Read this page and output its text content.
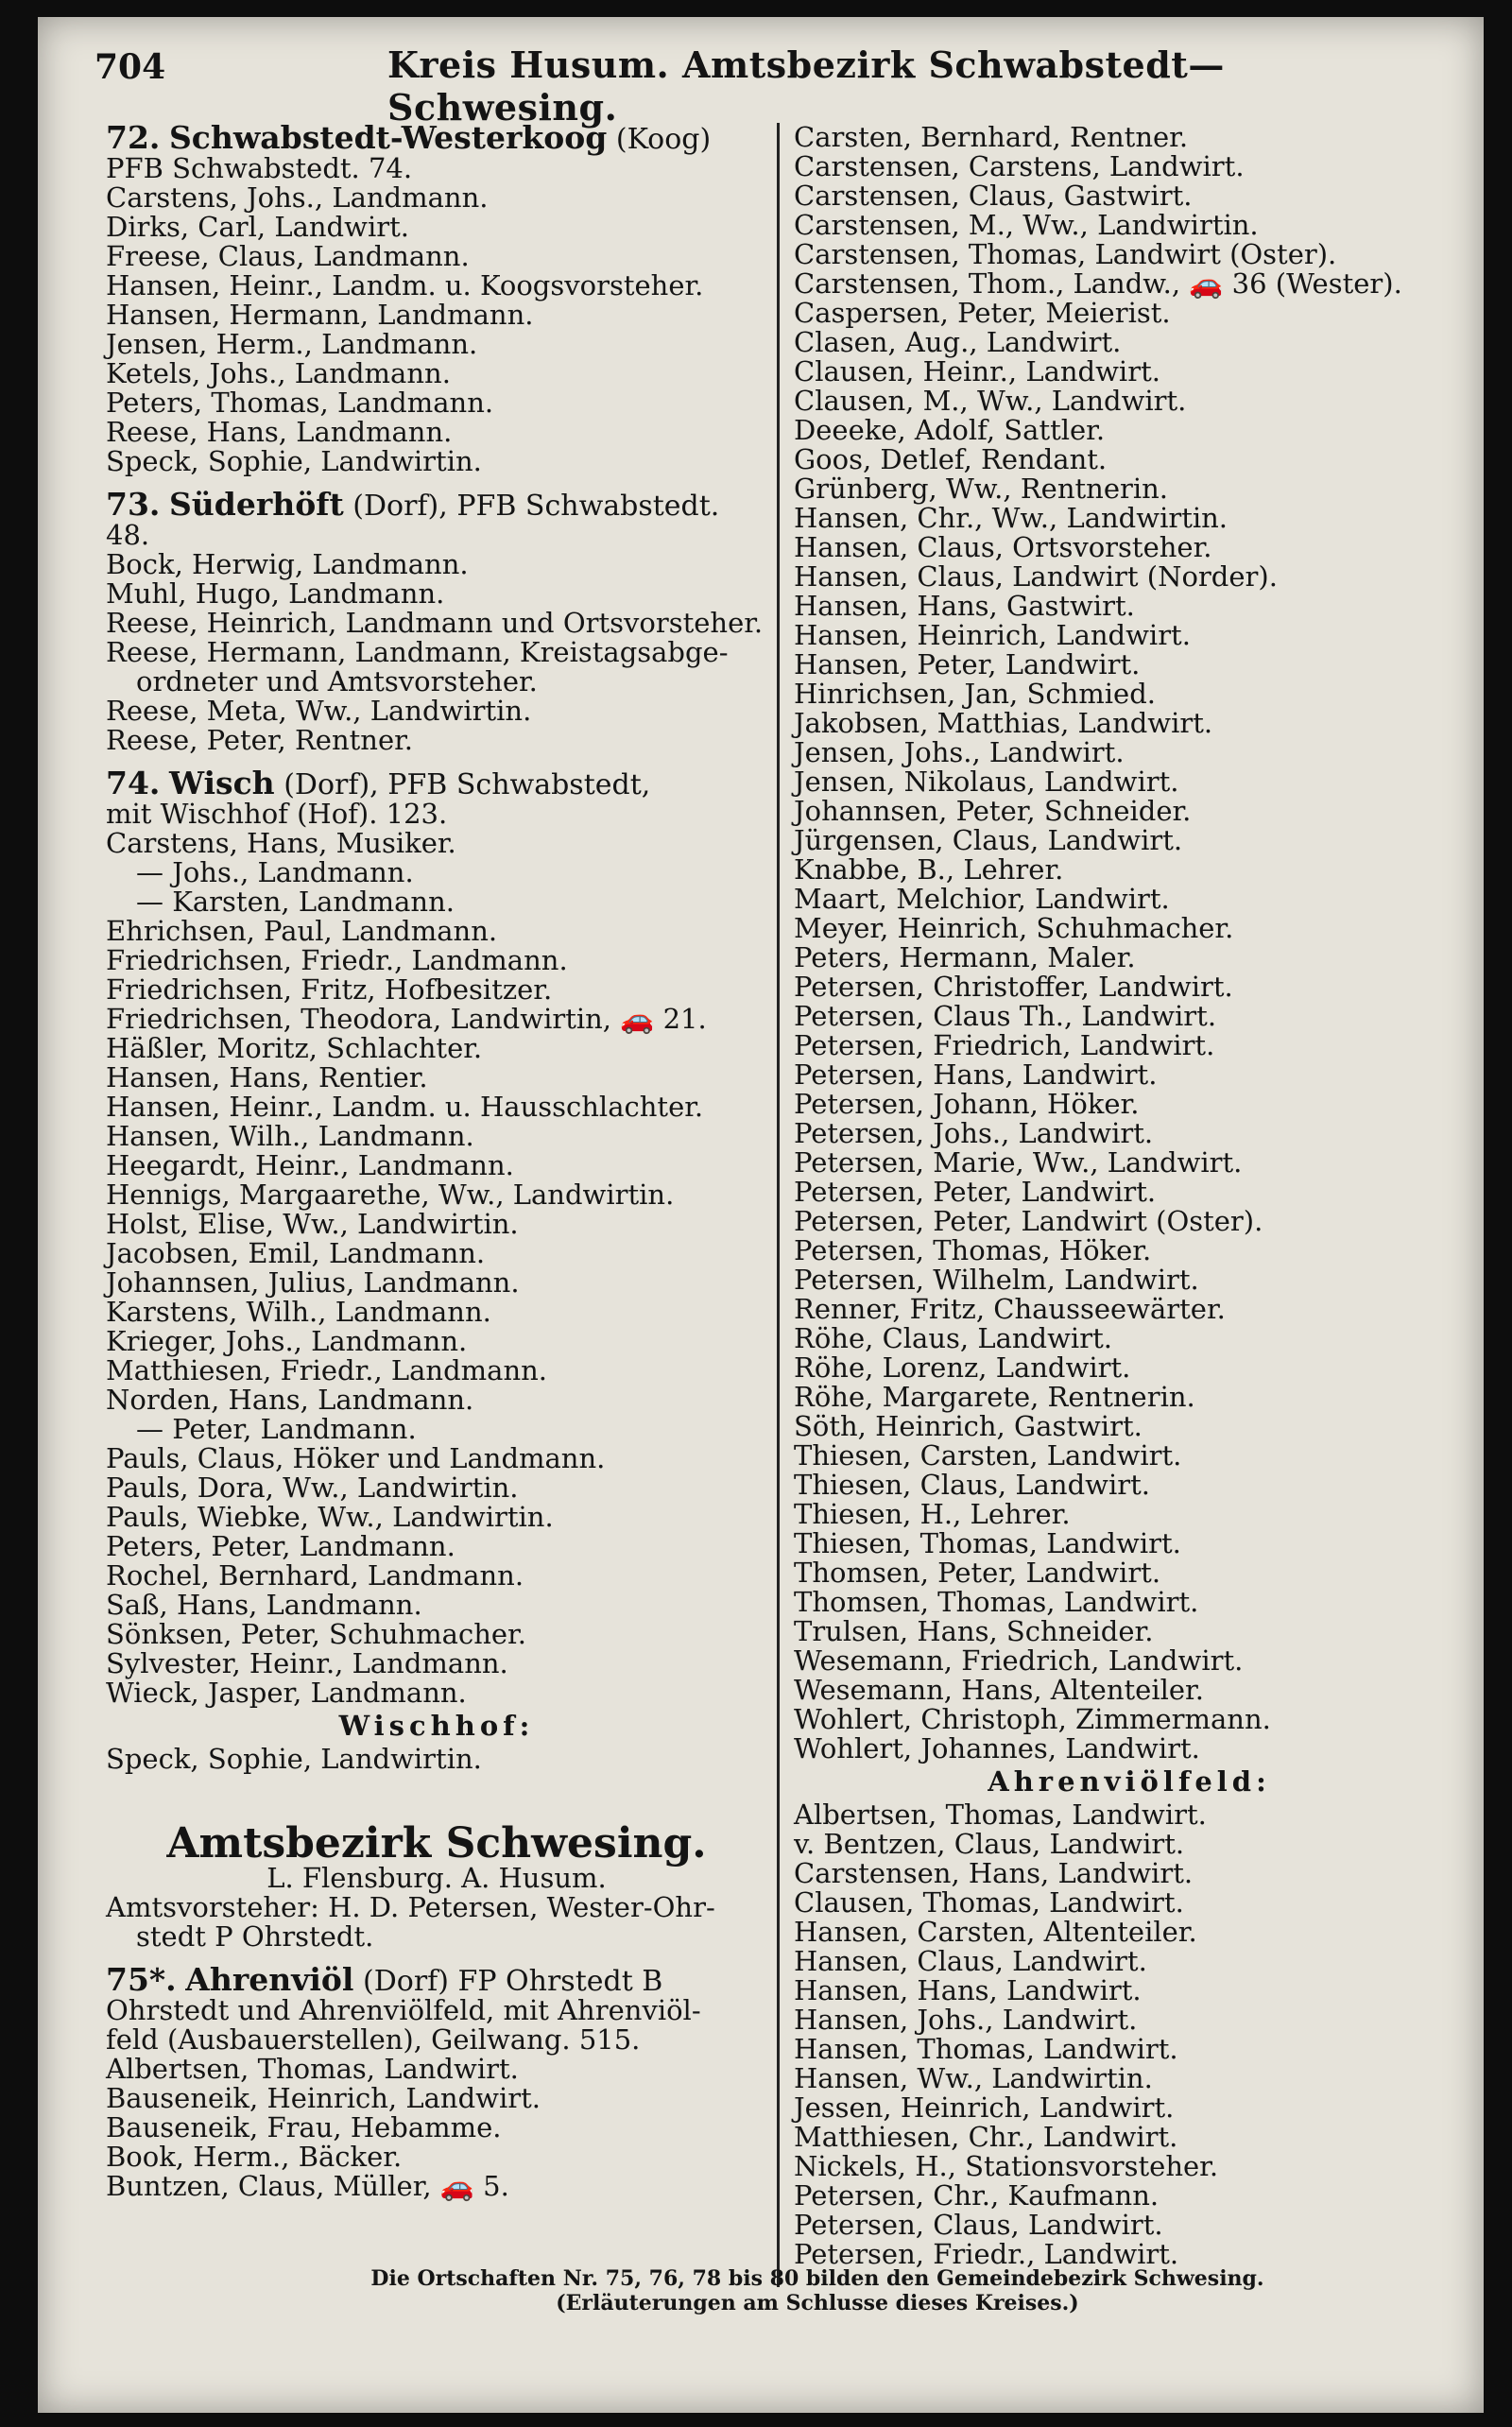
704	Kreis Husum. Amtsbezirk Schwabstedt—Schwesing.
72. Schwabstedt-Westerkoog (Koog)
PFB Schwabstedt. 74.
Carstens, Johs., Landmann.
Dirks, Carl, Landwirt.
Freese, Claus, Landmann.
Hansen, Heinr., Landm. u. Koogsvorsteher.
Hansen, Hermann, Landmann.
Jensen, Herm., Landmann.
Ketels, Johs., Landmann.
Peters, Thomas, Landmann.
Reese, Hans, Landmann.
Speck, Sophie, Landwirtin.
73. Süderhöft (Dorf), PFB Schwabstedt.
48.
Bock, Herwig, Landmann.
Muhl, Hugo, Landmann.
Reese, Heinrich, Landmann und Ortsvorsteher.
Reese, Hermann, Landmann, Kreistagsabge-
ordneter und Amtsvorsteher.
Reese, Meta, Ww., Landwirtin.
Reese, Peter, Rentner.
74. Wisch (Dorf), PFB Schwabstedt,
mit Wischhof (Hof). 123.
Carstens, Hans, Musiker.
— Johs., Landmann.
— Karsten, Landmann.
Ehrichsen, Paul, Landmann.
Friedrichsen, Friedr., Landmann.
Friedrichsen, Fritz, Hofbesitzer.
Friedrichsen, Theodora, Landwirtin, 🚗 21.
Häßler, Moritz, Schlachter.
Hansen, Hans, Rentier.
Hansen, Heinr., Landm. u. Hausschlachter.
Hansen, Wilh., Landmann.
Heegardt, Heinr., Landmann.
Hennigs, Margaarethe, Ww., Landwirtin.
Holst, Elise, Ww., Landwirtin.
Jacobsen, Emil, Landmann.
Johannsen, Julius, Landmann.
Karstens, Wilh., Landmann.
Krieger, Johs., Landmann.
Matthiesen, Friedr., Landmann.
Norden, Hans, Landmann.
— Peter, Landmann.
Pauls, Claus, Höker und Landmann.
Pauls, Dora, Ww., Landwirtin.
Pauls, Wiebke, Ww., Landwirtin.
Peters, Peter, Landmann.
Rochel, Bernhard, Landmann.
Saß, Hans, Landmann.
Sönksen, Peter, Schuhmacher.
Sylvester, Heinr., Landmann.
Wieck, Jasper, Landmann.
Wischhof:
Speck, Sophie, Landwirtin.
Amtsbezirk Schwesing.
L. Flensburg. A. Husum.
Amtsvorsteher: H. D. Petersen, Wester-Ohr-
stedt P Ohrstedt.
75*. Ahrenviöl (Dorf) FP Ohrstedt B
Ohrstedt und Ahrenviölfeld, mit Ahrenviöl-
feld (Ausbauerstellen), Geilwang. 515.
Albertsen, Thomas, Landwirt.
Bauseneik, Heinrich, Landwirt.
Bauseneik, Frau, Hebamme.
Book, Herm., Bäcker.
Buntzen, Claus, Müller, 🚗 5.
Carsten, Bernhard, Rentner.
Carstensen, Carstens, Landwirt.
Carstensen, Claus, Gastwirt.
Carstensen, M., Ww., Landwirtin.
Carstensen, Thomas, Landwirt (Oster).
Carstensen, Thom., Landw., 🚗 36 (Wester).
Caspersen, Peter, Meierist.
Clasen, Aug., Landwirt.
Clausen, Heinr., Landwirt.
Clausen, M., Ww., Landwirt.
Deeeke, Adolf, Sattler.
Goos, Detlef, Rendant.
Grünberg, Ww., Rentnerin.
Hansen, Chr., Ww., Landwirtin.
Hansen, Claus, Ortsvorsteher.
Hansen, Claus, Landwirt (Norder).
Hansen, Hans, Gastwirt.
Hansen, Heinrich, Landwirt.
Hansen, Peter, Landwirt.
Hinrichsen, Jan, Schmied.
Jakobsen, Matthias, Landwirt.
Jensen, Johs., Landwirt.
Jensen, Nikolaus, Landwirt.
Johannsen, Peter, Schneider.
Jürgensen, Claus, Landwirt.
Knabbe, B., Lehrer.
Maart, Melchior, Landwirt.
Meyer, Heinrich, Schuhmacher.
Peters, Hermann, Maler.
Petersen, Christoffer, Landwirt.
Petersen, Claus Th., Landwirt.
Petersen, Friedrich, Landwirt.
Petersen, Hans, Landwirt.
Petersen, Johann, Höker.
Petersen, Johs., Landwirt.
Petersen, Marie, Ww., Landwirt.
Petersen, Peter, Landwirt.
Petersen, Peter, Landwirt (Oster).
Petersen, Thomas, Höker.
Petersen, Wilhelm, Landwirt.
Renner, Fritz, Chausseewärter.
Röhe, Claus, Landwirt.
Röhe, Lorenz, Landwirt.
Röhe, Margarete, Rentnerin.
Söth, Heinrich, Gastwirt.
Thiesen, Carsten, Landwirt.
Thiesen, Claus, Landwirt.
Thiesen, H., Lehrer.
Thiesen, Thomas, Landwirt.
Thomsen, Peter, Landwirt.
Thomsen, Thomas, Landwirt.
Trulsen, Hans, Schneider.
Wesemann, Friedrich, Landwirt.
Wesemann, Hans, Altenteiler.
Wohlert, Christoph, Zimmermann.
Wohlert, Johannes, Landwirt.
Ahrenviölfeld:
Albertsen, Thomas, Landwirt.
v. Bentzen, Claus, Landwirt.
Carstensen, Hans, Landwirt.
Clausen, Thomas, Landwirt.
Hansen, Carsten, Altenteiler.
Hansen, Claus, Landwirt.
Hansen, Hans, Landwirt.
Hansen, Johs., Landwirt.
Hansen, Thomas, Landwirt.
Hansen, Ww., Landwirtin.
Jessen, Heinrich, Landwirt.
Matthiesen, Chr., Landwirt.
Nickels, H., Stationsvorsteher.
Petersen, Chr., Kaufmann.
Petersen, Claus, Landwirt.
Petersen, Friedr., Landwirt.
Die Ortschaften Nr. 75, 76, 78 bis 80 bilden den Gemeindebezirk Schwesing.
(Erläuterungen am Schlusse dieses Kreises.)
